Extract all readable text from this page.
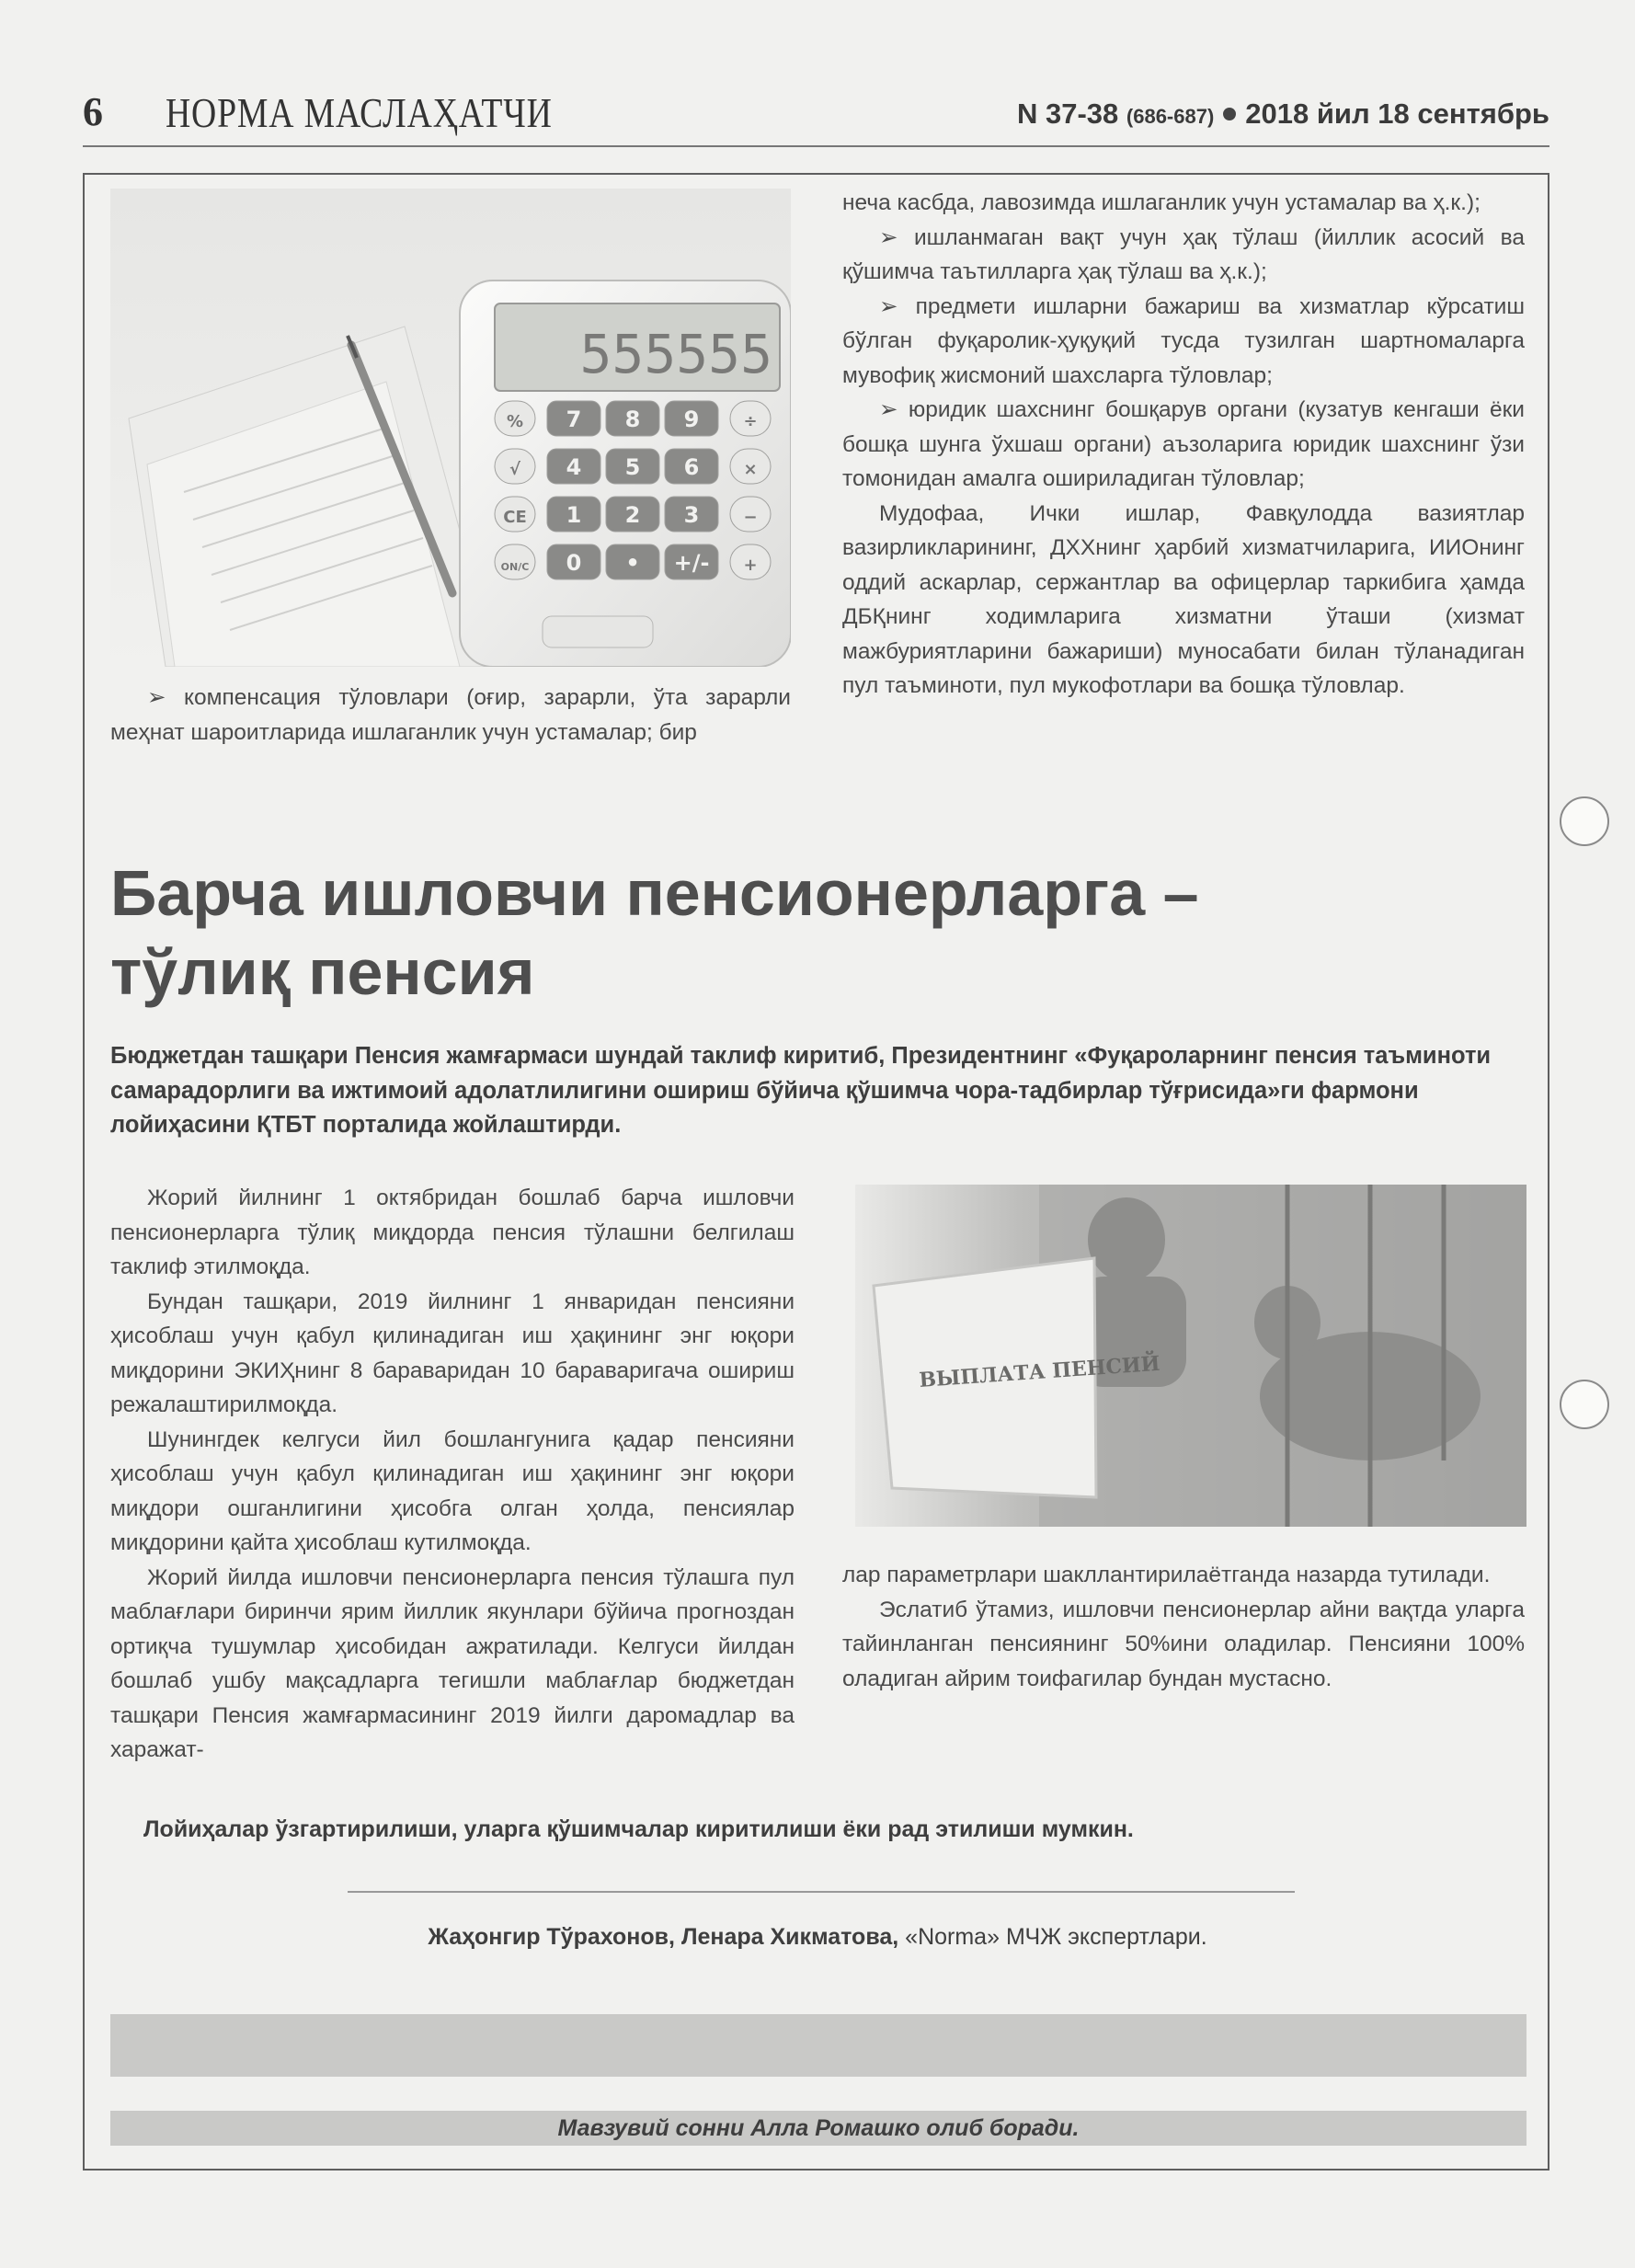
6 НОРМА МАСЛАҲАТЧИ	N 37-38 (686-687) 2018 йил 18 сентябрь
555555
% 7 8 9	÷
√ 4 5 6	×
CE 1 2 3	−
ON/C 0 • +/- +

➢ компенсация тўловлари (оғир, зарарли, ўта зарарли меҳнат шароитларида ишлаганлик учун устамалар; бир

неча касбда, лавозимда ишлаганлик учун устамалар ва ҳ.к.);

➢ ишланмаган вақт учун ҳақ тўлаш (йиллик асосий ва қўшимча таътилларга ҳақ тўлаш ва ҳ.к.);

➢ предмети ишларни бажариш ва хизматлар кўрсатиш бўлган фуқаролик-ҳуқуқий тусда тузилган шартномаларга мувофиқ жисмоний шахсларга тўловлар;

➢ юридик шахснинг бошқарув органи (кузатув кенгаши ёки бошқа шунга ўхшаш органи) аъзоларига юридик шахснинг ўзи томонидан амалга ошириладиган тўловлар;

Мудофаа, Ички ишлар, Фавқулодда вазиятлар вазирликларининг, ДХХнинг ҳарбий хизматчиларига, ИИОнинг оддий аскарлар, сержантлар ва офицерлар таркибига ҳамда ДБҚнинг ходимларига хизматни ўташи (хизмат мажбуриятларини бажариши) муносабати билан тўланадиган пул таъминоти, пул мукофотлари ва бошқа тўловлар.

Барча ишловчи пенсионерларга –
тўлиқ пенсия
Бюджетдан ташқари Пенсия жамғармаси шундай таклиф киритиб, Президентнинг «Фуқароларнинг пенсия таъминоти самарадорлиги ва ижтимоий адолатлилигини ошириш бўйича қўшимча чора-тадбирлар тўғрисида»ги фармони лойиҳасини ҚТБТ порталида жойлаштирди.

Жорий йилнинг 1 октябридан бошлаб барча ишловчи пенсионерларга тўлиқ миқдорда пенсия тўлашни белгилаш таклиф этилмоқда.

Бундан ташқари, 2019 йилнинг 1 январидан пенсияни ҳисоблаш учун қабул қилинадиган иш ҳақининг энг юқори миқдорини ЭКИҲнинг 8 бараваридан 10 бараваригача ошириш режалаштирилмоқда.

Шунингдек келгуси йил бошлангунига қадар пенсияни ҳисоблаш учун қабул қилинадиган иш ҳақининг энг юқори миқдори ошганлигини ҳисобга олган ҳолда, пенсиялар миқдорини қайта ҳисоблаш кутилмоқда.

Жорий йилда ишловчи пенсионерларга пенсия тўлашга пул маблағлари биринчи ярим йиллик якунлари бўйича прогноздан ортиқча тушумлар ҳисобидан ажратилади. Келгуси йилдан бошлаб ушбу мақсадларга тегишли маблағлар бюджетдан ташқари Пенсия жамғармасининг 2019 йилги даромадлар ва харажат-

ВЫПЛАТА ПЕНСИЙ

лар параметрлари шакллантирилаётганда назарда тутилади.

Эслатиб ўтамиз, ишловчи пенсионерлар айни вақтда уларга тайинланган пенсиянинг 50%ини оладилар. Пенсияни 100% оладиган айрим тоифагилар бундан мустасно.

Лойиҳалар ўзгартирилиши, уларга қўшимчалар киритилиши ёки рад этилиши мумкин.
Жаҳонгир Тўрахонов, Ленара Хикматова, «Norma» МЧЖ экспертлари.
Мавзувий сонни Алла Ромашко олиб боради.
